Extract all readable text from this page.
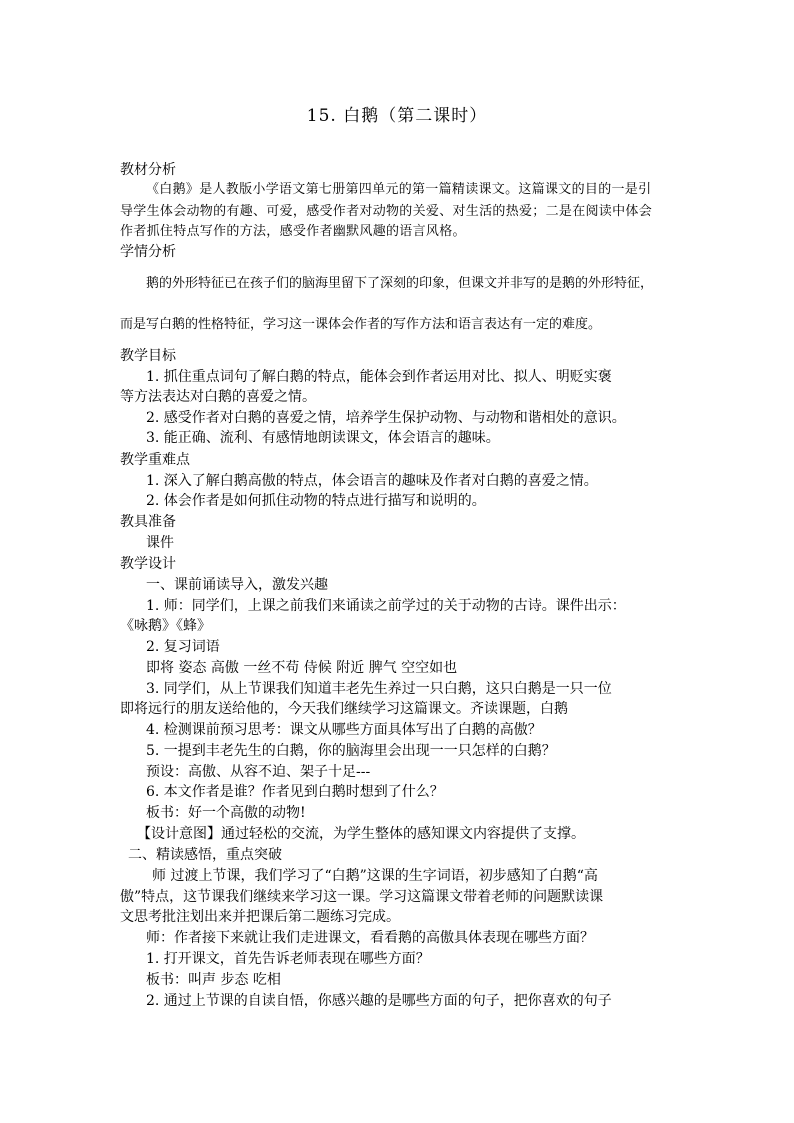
15. 白鹅（第二课时）
教材分析
《白鹅》是人教版小学语文第七册第四单元的第一篇精读课文。这篇课文的目的一是引
导学生体会动物的有趣、可爱，感受作者对动物的关爱、对生活的热爱；二是在阅读中体会
作者抓住特点写作的方法，感受作者幽默风趣的语言风格。
学情分析
鹅的外形特征已在孩子们的脑海里留下了深刻的印象，但课文并非写的是鹅的外形特征，
而是写白鹅的性格特征，学习这一课体会作者的写作方法和语言表达有一定的难度。
教学目标
1. 抓住重点词句了解白鹅的特点，能体会到作者运用对比、拟人、明贬实褒
等方法表达对白鹅的喜爱之情。
2. 感受作者对白鹅的喜爱之情，培养学生保护动物、与动物和谐相处的意识。
3. 能正确、流利、有感情地朗读课文，体会语言的趣味。
教学重难点
1. 深入了解白鹅高傲的特点，体会语言的趣味及作者对白鹅的喜爱之情。
2. 体会作者是如何抓住动物的特点进行描写和说明的。
教具准备
课件
教学设计
一、课前诵读导入，激发兴趣
1. 师：同学们，上课之前我们来诵读之前学过的关于动物的古诗。课件出示：
《咏鹅》《蜂》
2. 复习词语
即将 姿态 高傲 一丝不苟 侍候 附近 脾气 空空如也
3. 同学们，从上节课我们知道丰老先生养过一只白鹅，这只白鹅是一只一位
即将远行的朋友送给他的，今天我们继续学习这篇课文。齐读课题，白鹅
4. 检测课前预习思考：课文从哪些方面具体写出了白鹅的高傲？
5. 一提到丰老先生的白鹅，你的脑海里会出现一一只怎样的白鹅？
预设：高傲、从容不迫、架子十足---
6. 本文作者是谁？作者见到白鹅时想到了什么？
板书：好一个高傲的动物!
【设计意图】通过轻松的交流，为学生整体的感知课文内容提供了支撑。
二、精读感悟，重点突破
师 过渡上节课，我们学习了“白鹅”这课的生字词语，初步感知了白鹅“高
傲”特点，这节课我们继续来学习这一课。学习这篇课文带着老师的问题默读课
文思考批注划出来并把课后第二题练习完成。
师：作者接下来就让我们走进课文，看看鹅的高傲具体表现在哪些方面？
1. 打开课文，首先告诉老师表现在哪些方面？
板书：叫声 步态 吃相
2. 通过上节课的自读自悟，你感兴趣的是哪些方面的句子，把你喜欢的句子
